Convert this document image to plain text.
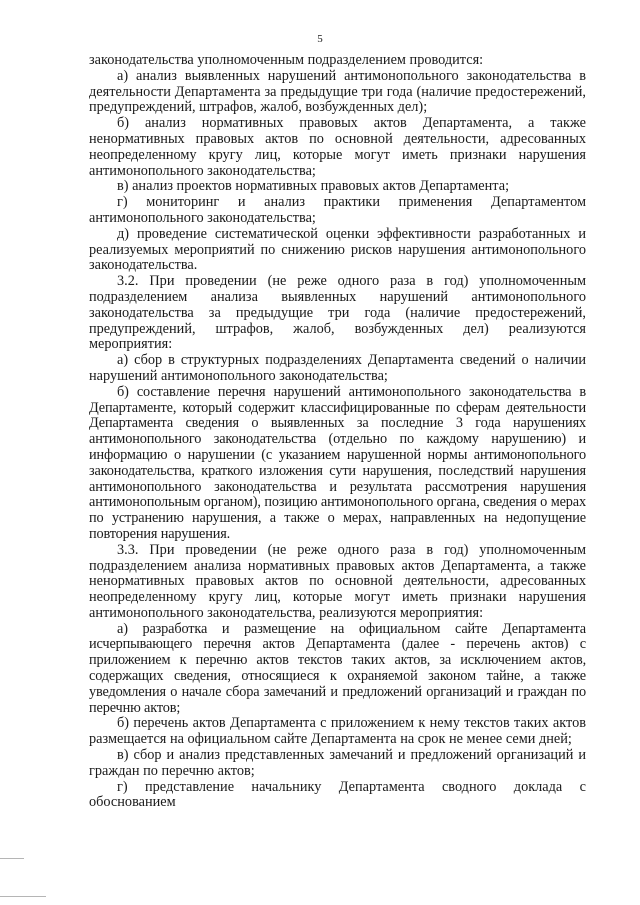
5

законодательства уполномоченным подразделением проводится:

а) анализ выявленных нарушений антимонопольного законодательства в деятельности Департамента за предыдущие три года (наличие предостережений, предупреждений, штрафов, жалоб, возбужденных дел);

б) анализ нормативных правовых актов Департамента, а также ненормативных правовых актов по основной деятельности, адресованных неопределенному кругу лиц, которые могут иметь признаки нарушения антимонопольного законодательства;

в) анализ проектов нормативных правовых актов Департамента;

г) мониторинг и анализ практики применения Департаментом антимонопольного законодательства;

д) проведение систематической оценки эффективности разработанных и реализуемых мероприятий по снижению рисков нарушения антимонопольного законодательства.

3.2. При проведении (не реже одного раза в год) уполномоченным подразделением анализа выявленных нарушений антимонопольного законодательства за предыдущие три года (наличие предостережений, предупреждений, штрафов, жалоб, возбужденных дел) реализуются мероприятия:

а) сбор в структурных подразделениях Департамента сведений о наличии нарушений антимонопольного законодательства;

б) составление перечня нарушений антимонопольного законодательства в Департаменте, который содержит классифицированные по сферам деятельности Департамента сведения о выявленных за последние 3 года нарушениях антимонопольного законодательства (отдельно по каждому нарушению) и информацию о нарушении (с указанием нарушенной нормы антимонопольного законодательства, краткого изложения сути нарушения, последствий нарушения антимонопольного законодательства и результата рассмотрения нарушения антимонопольным органом), позицию антимонопольного органа, сведения о мерах по устранению нарушения, а также о мерах, направленных на недопущение повторения нарушения.

3.3. При проведении (не реже одного раза в год) уполномоченным подразделением анализа нормативных правовых актов Департамента, а также ненормативных правовых актов по основной деятельности, адресованных неопределенному кругу лиц, которые могут иметь признаки нарушения антимонопольного законодательства, реализуются мероприятия:

а) разработка и размещение на официальном сайте Департамента исчерпывающего перечня актов Департамента (далее - перечень актов) с приложением к перечню актов текстов таких актов, за исключением актов, содержащих сведения, относящиеся к охраняемой законом тайне, а также уведомления о начале сбора замечаний и предложений организаций и граждан по перечню актов;

б) перечень актов Департамента с приложением к нему текстов таких актов размещается на официальном сайте Департамента на срок не менее семи дней;

в) сбор и анализ представленных замечаний и предложений организаций и граждан по перечню актов;

г) представление начальнику Департамента сводного доклада с обоснованием
